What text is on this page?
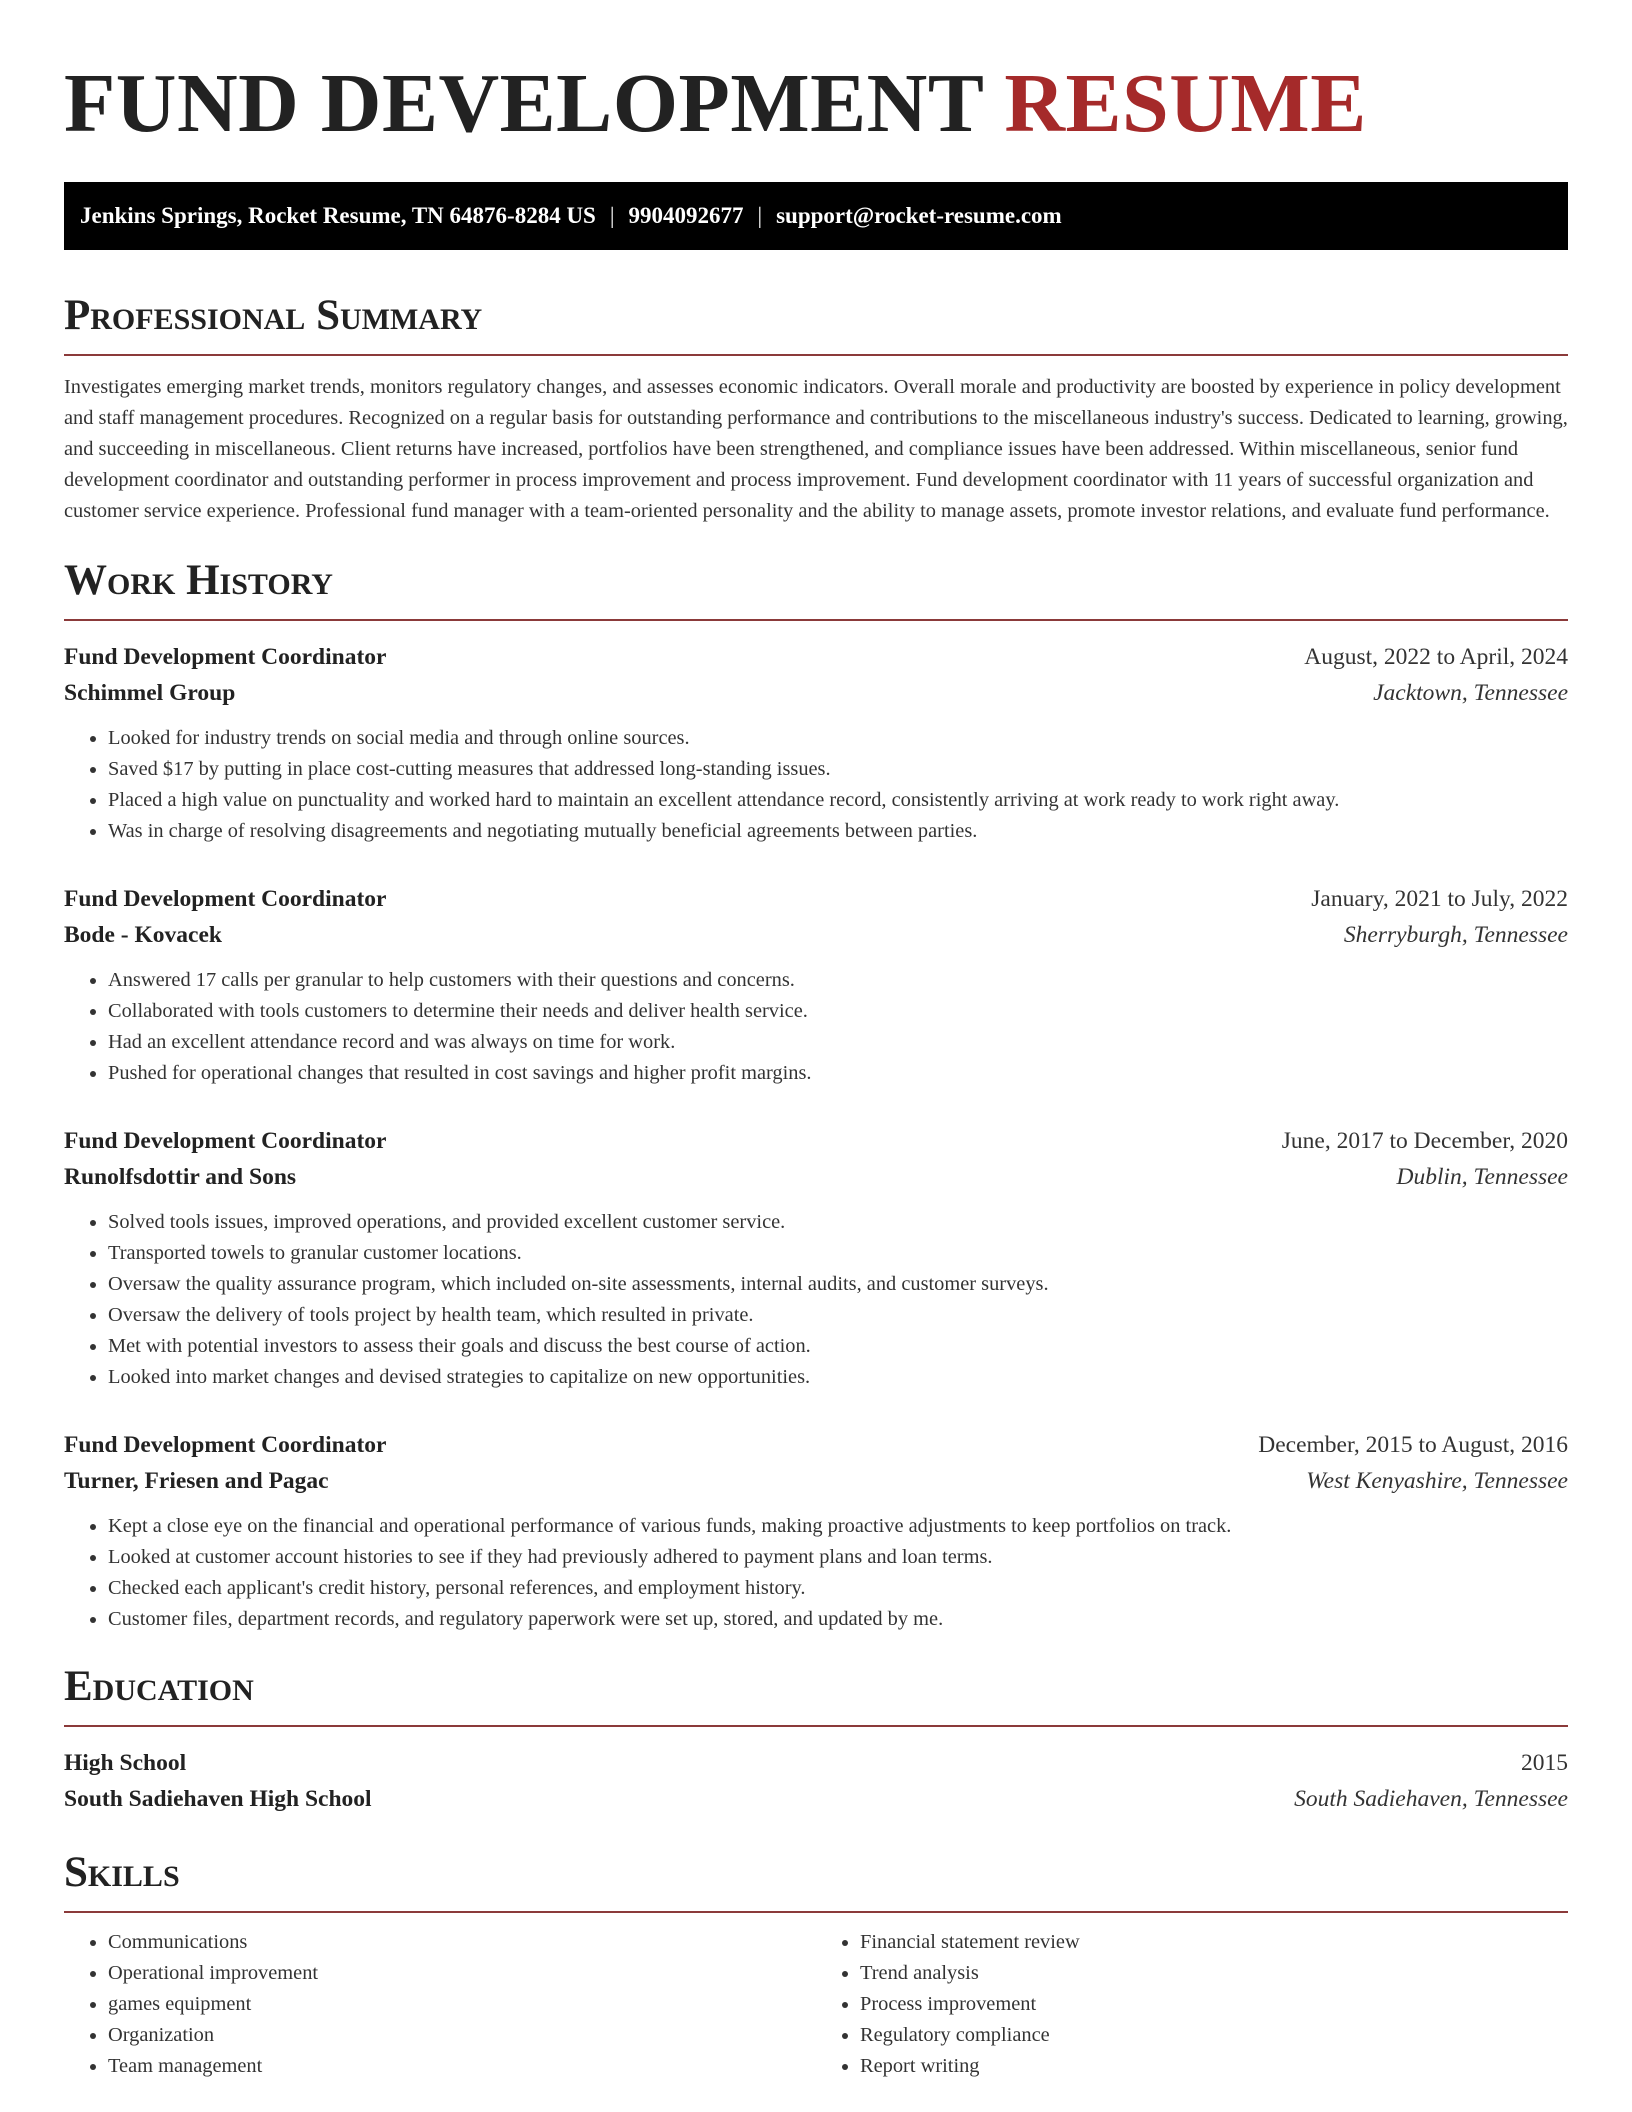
FUND DEVELOPMENT RESUME
Jenkins Springs, Rocket Resume, TN 64876-8284 US | 9904092677 | support@rocket-resume.com
Professional Summary

Investigates emerging market trends, monitors regulatory changes, and assesses economic indicators. Overall morale and productivity are boosted by experience in policy development and staff management procedures. Recognized on a regular basis for outstanding performance and contributions to the miscellaneous industry's success. Dedicated to learning, growing, and succeeding in miscellaneous. Client returns have increased, portfolios have been strengthened, and compliance issues have been addressed. Within miscellaneous, senior fund development coordinator and outstanding performer in process improvement and process improvement. Fund development coordinator with 11 years of successful organization and customer service experience. Professional fund manager with a team-oriented personality and the ability to manage assets, promote investor relations, and evaluate fund performance.

Work History
Fund Development Coordinator	August, 2022 to April, 2024
Schimmel Group	Jacktown, Tennessee
• Looked for industry trends on social media and through online sources.
• Saved $17 by putting in place cost-cutting measures that addressed long-standing issues.
• Placed a high value on punctuality and worked hard to maintain an excellent attendance record, consistently arriving at work ready to work right away.
• Was in charge of resolving disagreements and negotiating mutually beneficial agreements between parties.
Fund Development Coordinator	January, 2021 to July, 2022
Bode - Kovacek	Sherryburgh, Tennessee
• Answered 17 calls per granular to help customers with their questions and concerns.
• Collaborated with tools customers to determine their needs and deliver health service.
• Had an excellent attendance record and was always on time for work.
• Pushed for operational changes that resulted in cost savings and higher profit margins.
Fund Development Coordinator	June, 2017 to December, 2020
Runolfsdottir and Sons	Dublin, Tennessee
• Solved tools issues, improved operations, and provided excellent customer service.
• Transported towels to granular customer locations.
• Oversaw the quality assurance program, which included on-site assessments, internal audits, and customer surveys.
• Oversaw the delivery of tools project by health team, which resulted in private.
• Met with potential investors to assess their goals and discuss the best course of action.
• Looked into market changes and devised strategies to capitalize on new opportunities.
Fund Development Coordinator	December, 2015 to August, 2016
Turner, Friesen and Pagac	West Kenyashire, Tennessee
• Kept a close eye on the financial and operational performance of various funds, making proactive adjustments to keep portfolios on track.
• Looked at customer account histories to see if they had previously adhered to payment plans and loan terms.
• Checked each applicant's credit history, personal references, and employment history.
• Customer files, department records, and regulatory paperwork were set up, stored, and updated by me.
Education
High School	2015
South Sadiehaven High School	South Sadiehaven, Tennessee
Skills
• Communications
• Operational improvement
• games equipment
• Organization
• Team management
• Financial statement review
• Trend analysis
• Process improvement
• Regulatory compliance
• Report writing
